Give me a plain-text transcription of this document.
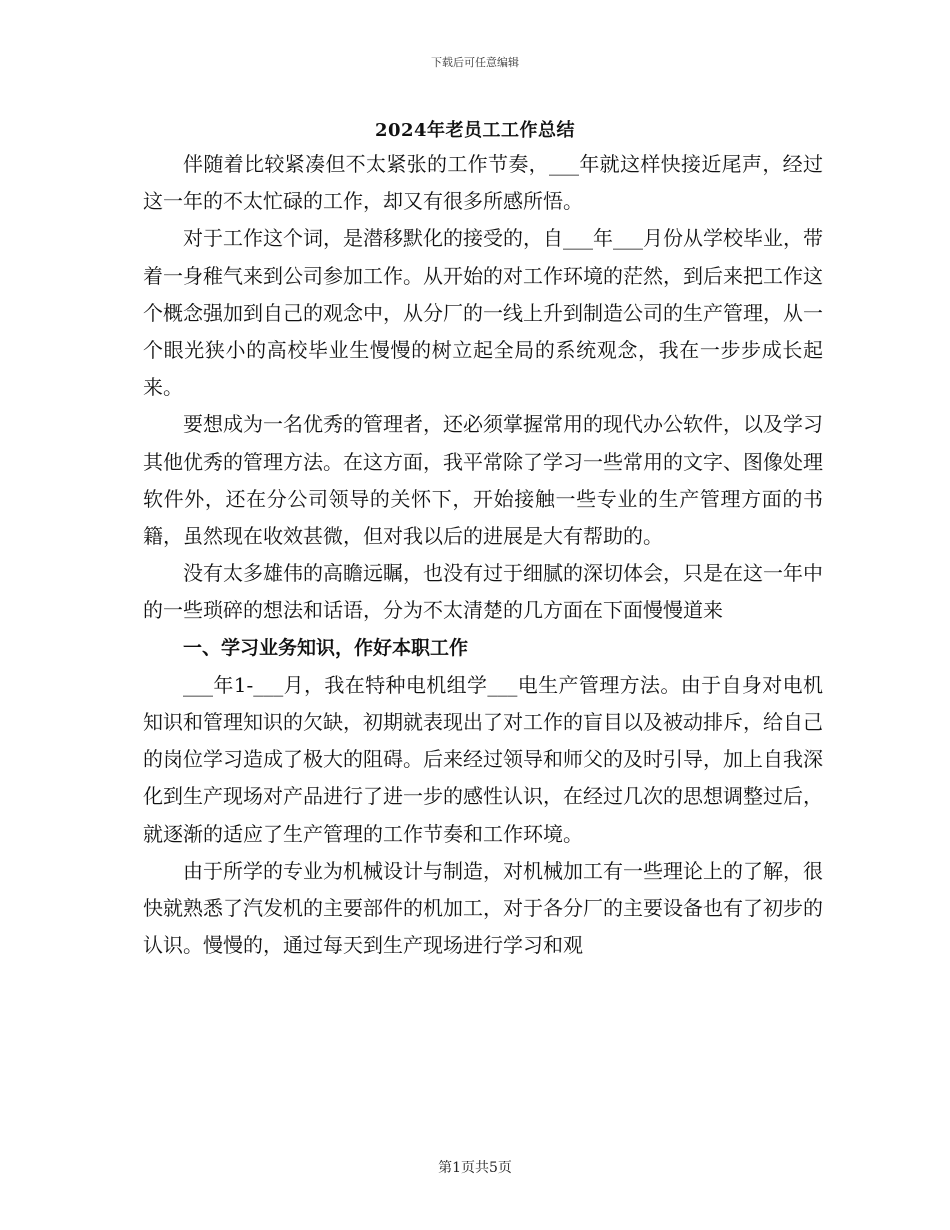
下载后可任意编辑
2024年老员工工作总结

伴随着比较紧凑但不太紧张的工作节奏，___年就这样快接近尾声，经过这一年的不太忙碌的工作，却又有很多所感所悟。

对于工作这个词，是潜移默化的接受的，自___年___月份从学校毕业，带着一身稚气来到公司参加工作。从开始的对工作环境的茫然，到后来把工作这个概念强加到自己的观念中，从分厂的一线上升到制造公司的生产管理，从一个眼光狭小的高校毕业生慢慢的树立起全局的系统观念，我在一步步成长起来。

要想成为一名优秀的管理者，还必须掌握常用的现代办公软件，以及学习其他优秀的管理方法。在这方面，我平常除了学习一些常用的文字、图像处理软件外，还在分公司领导的关怀下，开始接触一些专业的生产管理方面的书籍，虽然现在收效甚微，但对我以后的进展是大有帮助的。

没有太多雄伟的高瞻远瞩，也没有过于细腻的深切体会，只是在这一年中的一些琐碎的想法和话语，分为不太清楚的几方面在下面慢慢道来

一、学习业务知识，作好本职工作

___年1-___月，我在特种电机组学___电生产管理方法。由于自身对电机知识和管理知识的欠缺，初期就表现出了对工作的盲目以及被动排斥，给自己的岗位学习造成了极大的阻碍。后来经过领导和师父的及时引导，加上自我深化到生产现场对产品进行了进一步的感性认识，在经过几次的思想调整过后，就逐渐的适应了生产管理的工作节奏和工作环境。

由于所学的专业为机械设计与制造，对机械加工有一些理论上的了解，很快就熟悉了汽发机的主要部件的机加工，对于各分厂的主要设备也有了初步的认识。慢慢的，通过每天到生产现场进行学习和观

第1页共5页
